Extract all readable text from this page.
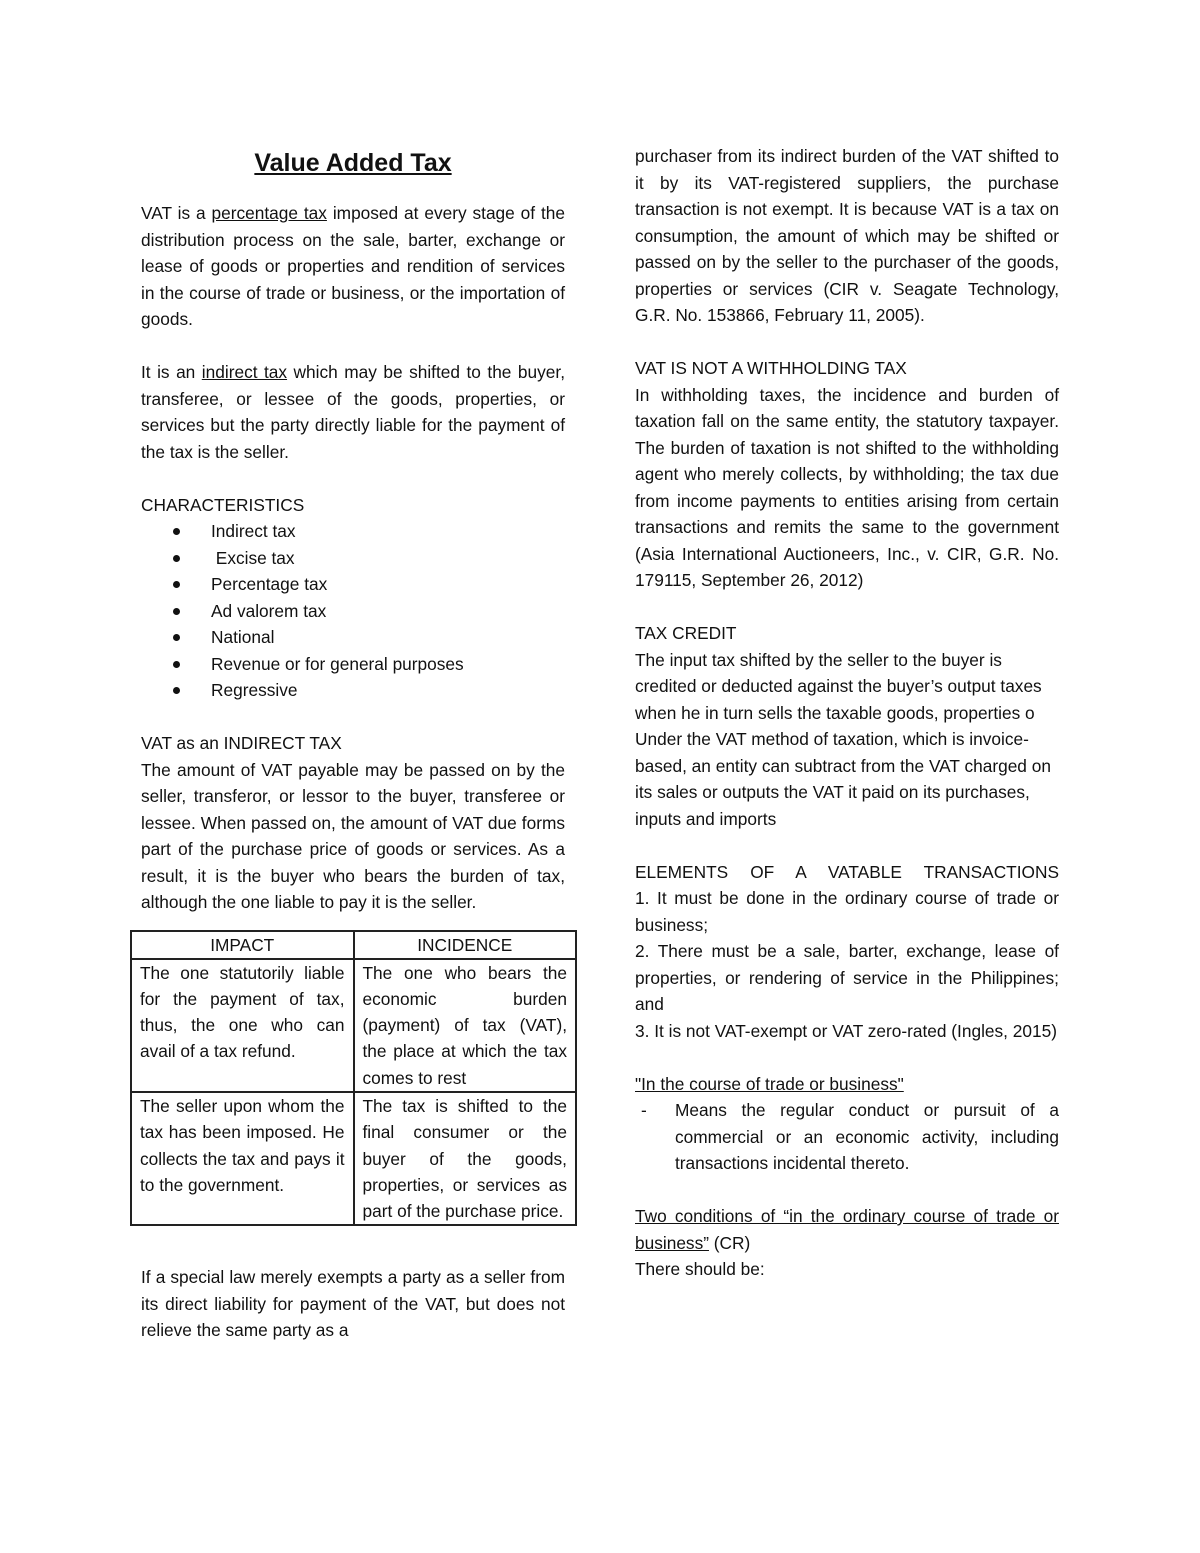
Value Added Tax

VAT is a percentage tax imposed at every stage of the distribution process on the sale, barter, exchange or lease of goods or properties and rendition of services in the course of trade or business, or the importation of goods.

It is an indirect tax which may be shifted to the buyer, transferee, or lessee of the goods, properties, or services but the party directly liable for the payment of the tax is the seller.

CHARACTERISTICS

Indirect tax
Excise tax
Percentage tax
Ad valorem tax
National
Revenue or for general purposes
Regressive

VAT as an INDIRECT TAX

The amount of VAT payable may be passed on by the seller, transferor, or lessor to the buyer, transferee or lessee. When passed on, the amount of VAT due forms part of the purchase price of goods or services. As a result, it is the buyer who bears the burden of tax, although the one liable to pay it is the seller.

IMPACT	INCIDENCE
The one statutorily liable for the payment of tax, thus, the one who can avail of a tax refund.	The one who bears the economic burden (payment) of tax (VAT), the place at which the tax comes to rest
The seller upon whom the tax has been imposed. He collects the tax and pays it to the government.	The tax is shifted to the final consumer or the buyer of the goods, properties, or services as part of the purchase price.

If a special law merely exempts a party as a seller from its direct liability for payment of the VAT, but does not relieve the same party as a

purchaser from its indirect burden of the VAT shifted to it by its VAT-registered suppliers, the purchase transaction is not exempt. It is because VAT is a tax on consumption, the amount of which may be shifted or passed on by the seller to the purchaser of the goods, properties or services (CIR v. Seagate Technology, G.R. No. 153866, February 11, 2005).

VAT IS NOT A WITHHOLDING TAX

In withholding taxes, the incidence and burden of taxation fall on the same entity, the statutory taxpayer. The burden of taxation is not shifted to the withholding agent who merely collects, by withholding; the tax due from income payments to entities arising from certain transactions and remits the same to the government (Asia International Auctioneers, Inc., v. CIR, G.R. No. 179115, September 26, 2012)

TAX CREDIT

The input tax shifted by the seller to the buyer is credited or deducted against the buyer’s output taxes when he in turn sells the taxable goods, properties o Under the VAT method of taxation, which is invoice-based, an entity can subtract from the VAT charged on its sales or outputs the VAT it paid on its purchases, inputs and imports

ELEMENTS OF A VATABLE TRANSACTIONS

1. It must be done in the ordinary course of trade or business;

2. There must be a sale, barter, exchange, lease of properties, or rendering of service in the Philippines; and

3. It is not VAT-exempt or VAT zero-rated (Ingles, 2015)

"In the course of trade or business"

- Means the regular conduct or pursuit of a commercial or an economic activity, including transactions incidental thereto.

Two conditions of “in the ordinary course of trade or business” (CR)

There should be:
